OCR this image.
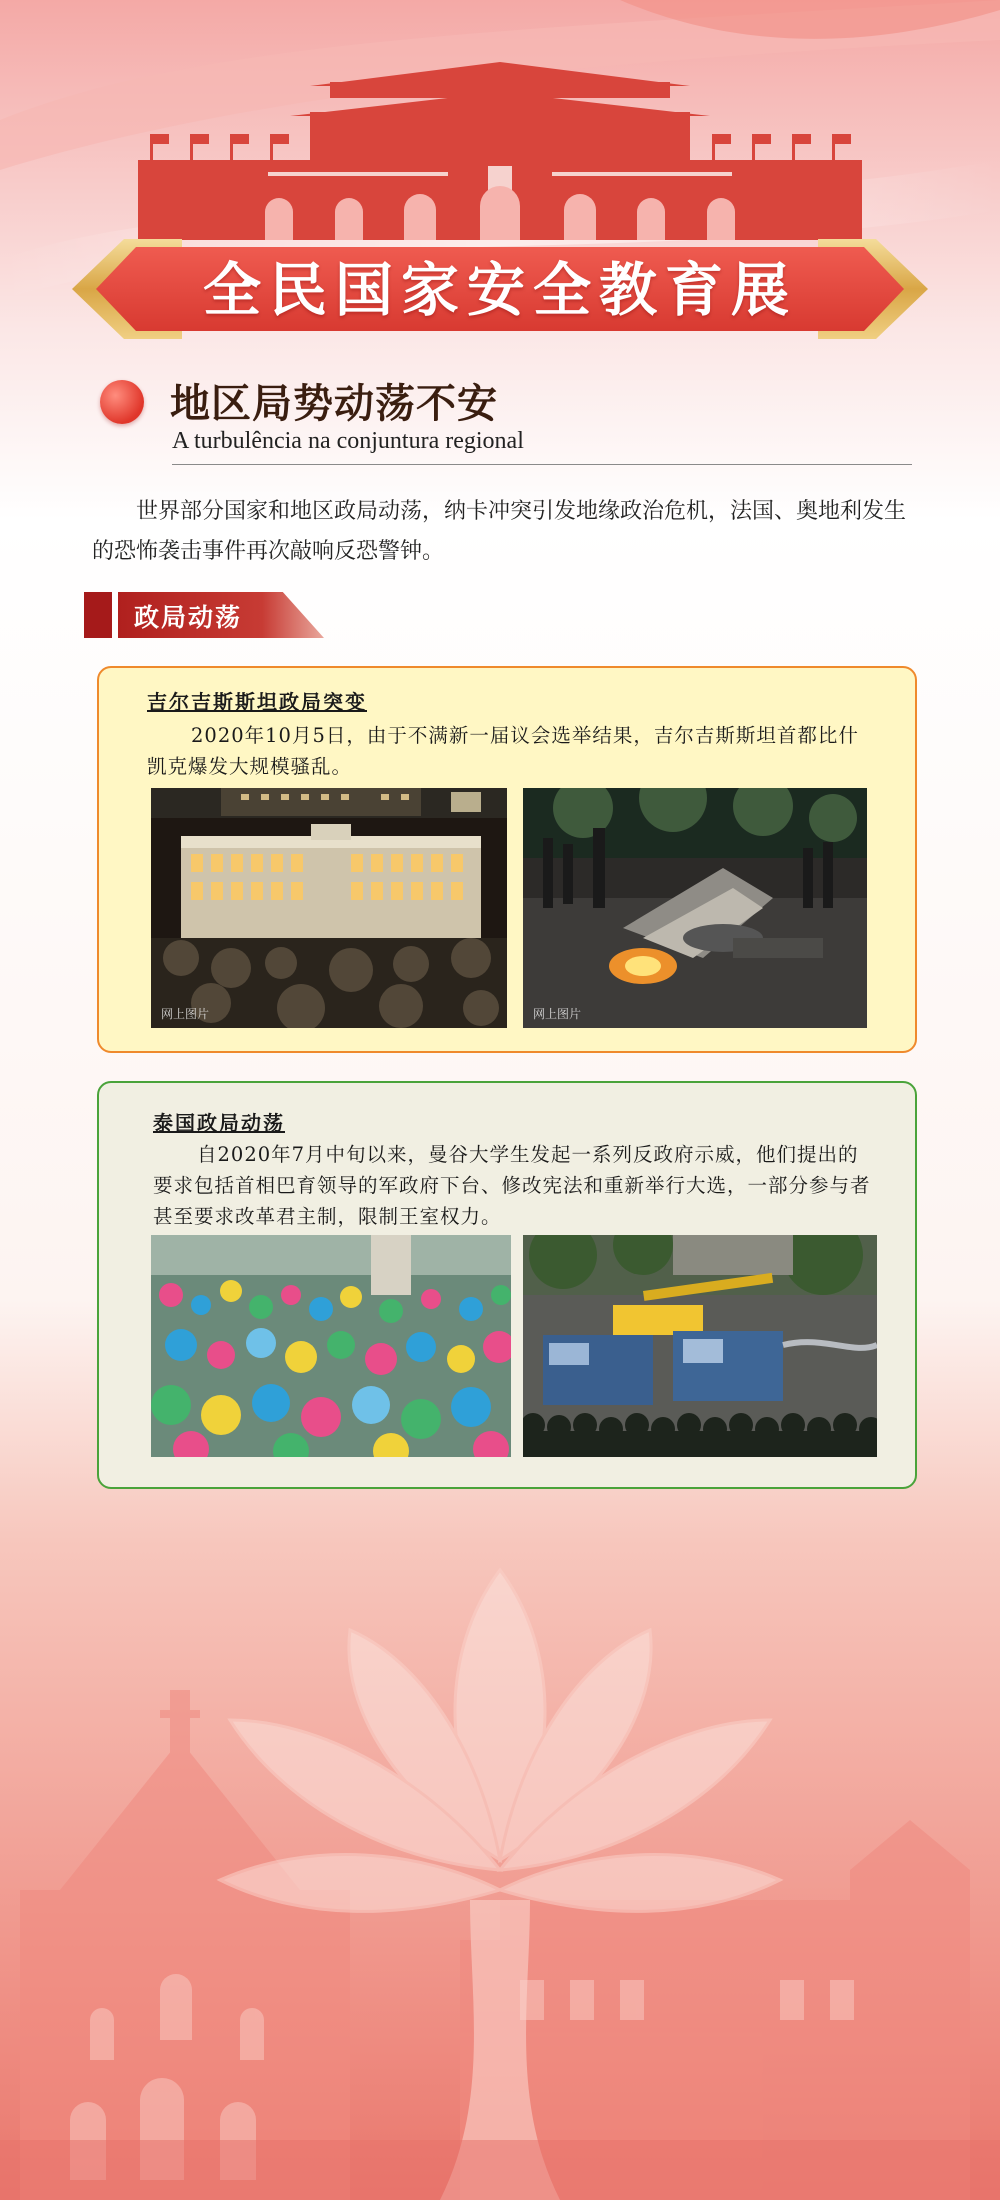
全民国家安全教育展
地区局势动荡不安
A turbulência na conjuntura regional
世界部分国家和地区政局动荡，纳卡冲突引发地缘政治危机，法国、奥地利发生的恐怖袭击事件再次敲响反恐警钟。
政局动荡
吉尔吉斯斯坦政局突变
2020年10月5日，由于不满新一届议会选举结果，吉尔吉斯斯坦首都比什凯克爆发大规模骚乱。
网上图片	网上图片
泰国政局动荡
自2020年7月中旬以来，曼谷大学生发起一系列反政府示威，他们提出的要求包括首相巴育领导的军政府下台、修改宪法和重新举行大选，一部分参与者甚至要求改革君主制，限制王室权力。
